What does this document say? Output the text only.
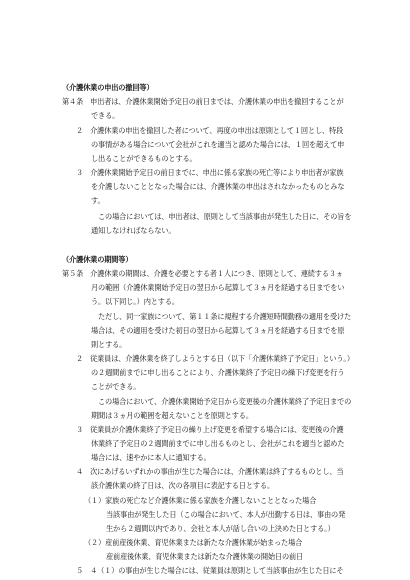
（介護休業の申出の撤回等）
第４条　申出者は、介護休業開始予定日の前日までは、介護休業の申出を撤回することが
できる。
２　介護休業の申出を撤回した者について、再度の申出は原則として１回とし、特段
の事情がある場合について会社がこれを適当と認めた場合には、１回を超えて申
し出ることができるものとする。
３　介護休業開始予定日の前日までに、申出に係る家族の死亡等により申出者が家族
を介護しないこととなった場合には、介護休業の申出はされなかったものとみな
す。
この場合においては、申出者は、原則として当該事由が発生した日に、その旨を
通知しなければならない。
（介護休業の期間等）
第５条　介護休業の期間は、介護を必要とする者１人につき、原則として、連続する３ヵ
月の範囲（介護休業開始予定日の翌日から起算して３ヵ月を経過する日までをい
う。以下同じ。）内とする。
ただし、同一家族について、第１１条に規程する介護短時間勤務の適用を受けた
場合は、その適用を受けた初日の翌日から起算して３ヵ月を経過する日までを原
則とする。
２　従業員は、介護休業を終了しようとする日（以下「介護休業終了予定日」という。）
の２週間前までに申し出ることにより、介護休業終了予定日の繰下げ変更を行う
ことができる。
この場合において、介護休業開始予定日から変更後の介護休業終了予定日までの
期間は３ヵ月の範囲を超えないことを原則とする。
３　従業員が介護休業終了予定日の繰り上げ変更を希望する場合には、変更後の介護
休業終了予定日の２週間前までに申し出るものとし、会社がこれを適当と認めた
場合には、速やかに本人に通知する。
４　次にあげるいずれかの事由が生じた場合には、介護休業は終了するものとし、当
該介護休業の終了日は、次の各項目に表記する日とする。
（１）家族の死亡など介護休業に係る家族を介護しないこととなった場合
当該事由が発生した日（この場合において、本人が出勤する日は、事由の発
生から２週間以内であり、会社と本人が話し合いの上決めた日とする。）
（２）産前産後休業、育児休業または新たな介護休業が始まった場合
産前産後休業、育児休業または新たな介護休業の開始日の前日
５　４（１）の事由が生じた場合には、従業員は原則として当該事由が生じた日にそ
